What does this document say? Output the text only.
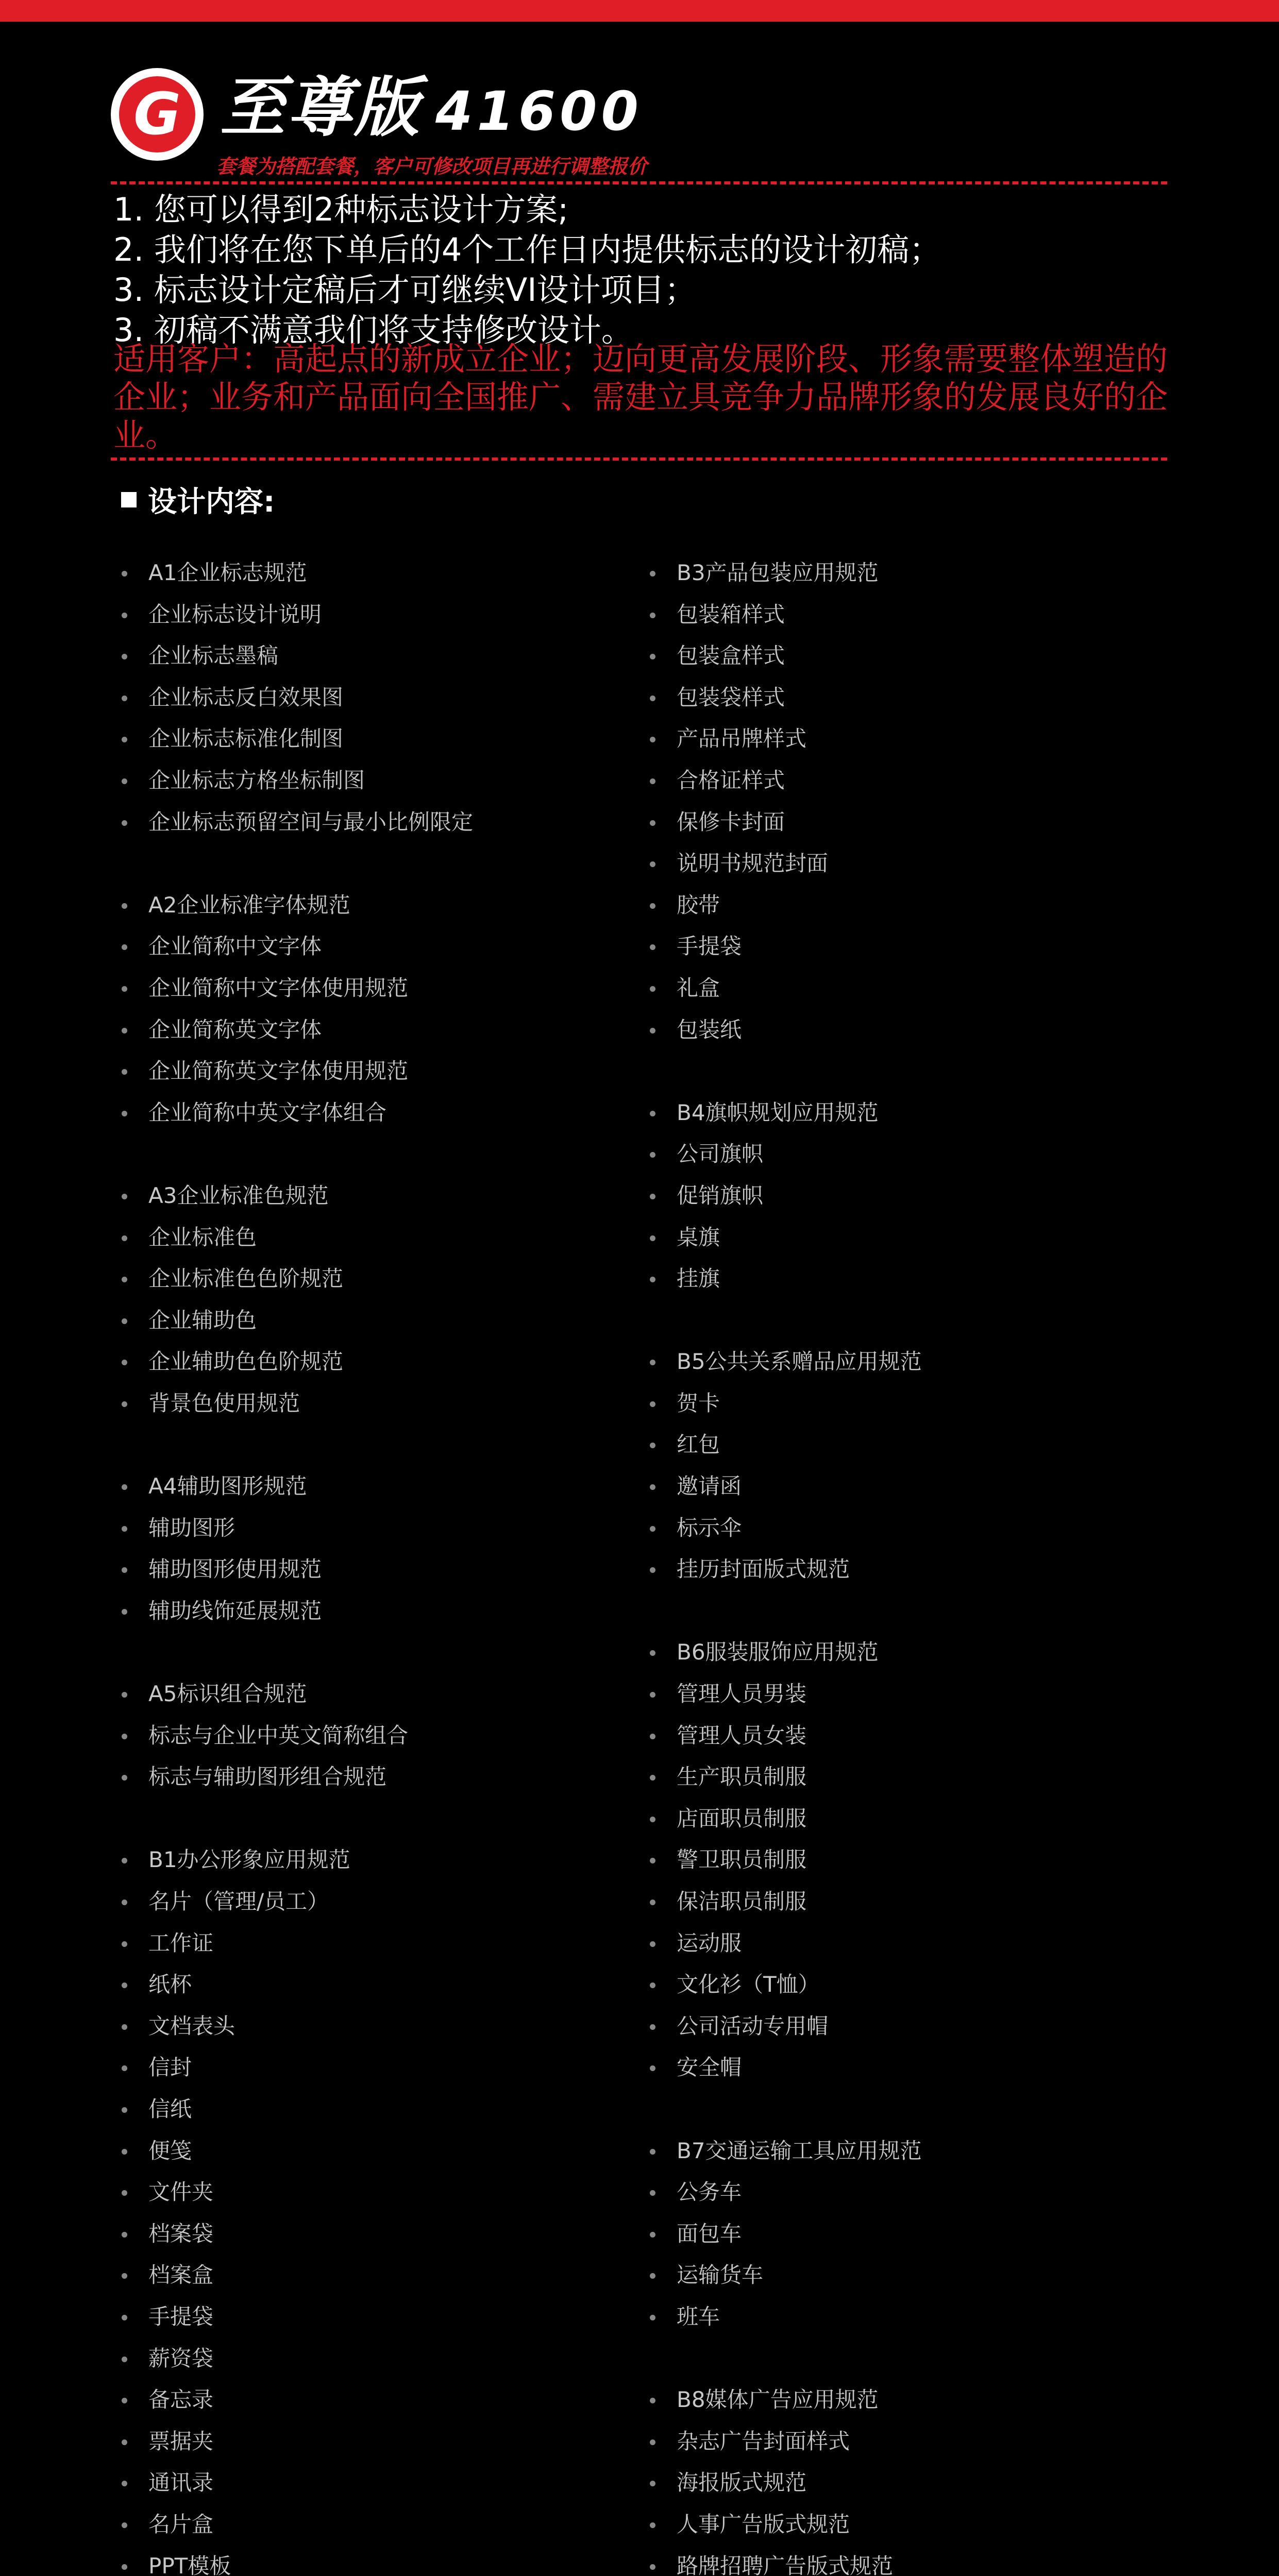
G 至尊版 41600
套餐为搭配套餐，客户可修改项目再进行调整报价
1. 您可以得到2种标志设计方案;
2. 我们将在您下单后的4个工作日内提供标志的设计初稿；
3. 标志设计定稿后才可继续VI设计项目；
3. 初稿不满意我们将支持修改设计。
适用客户：高起点的新成立企业；迈向更高发展阶段、形象需要整体塑造的企业；业务和产品面向全国推广、需建立具竞争力品牌形象的发展良好的企业。
设计内容:
A1企业标志规范
企业标志设计说明
企业标志墨稿
企业标志反白效果图
企业标志标准化制图
企业标志方格坐标制图
企业标志预留空间与最小比例限定
A2企业标准字体规范
企业简称中文字体
企业简称中文字体使用规范
企业简称英文字体
企业简称英文字体使用规范
企业简称中英文字体组合
A3企业标准色规范
企业标准色
企业标准色色阶规范
企业辅助色
企业辅助色色阶规范
背景色使用规范
A4辅助图形规范
辅助图形
辅助图形使用规范
辅助线饰延展规范
A5标识组合规范
标志与企业中英文简称组合
标志与辅助图形组合规范
B1办公形象应用规范
名片（管理/员工）
工作证
纸杯
文档表头
信封
信纸
便笺
文件夹
档案袋
档案盒
手提袋
薪资袋
备忘录
票据夹
通讯录
名片盒
PPT模板
B3产品包装应用规范
包装箱样式
包装盒样式
包装袋样式
产品吊牌样式
合格证样式
保修卡封面
说明书规范封面
胶带
手提袋
礼盒
包装纸
B4旗帜规划应用规范
公司旗帜
促销旗帜
桌旗
挂旗
B5公共关系赠品应用规范
贺卡
红包
邀请函
标示伞
挂历封面版式规范
B6服装服饰应用规范
管理人员男装
管理人员女装
生产职员制服
店面职员制服
警卫职员制服
保洁职员制服
运动服
文化衫（T恤）
公司活动专用帽
安全帽
B7交通运输工具应用规范
公务车
面包车
运输货车
班车
B8媒体广告应用规范
杂志广告封面样式
海报版式规范
人事广告版式规范
路牌招聘广告版式规范
